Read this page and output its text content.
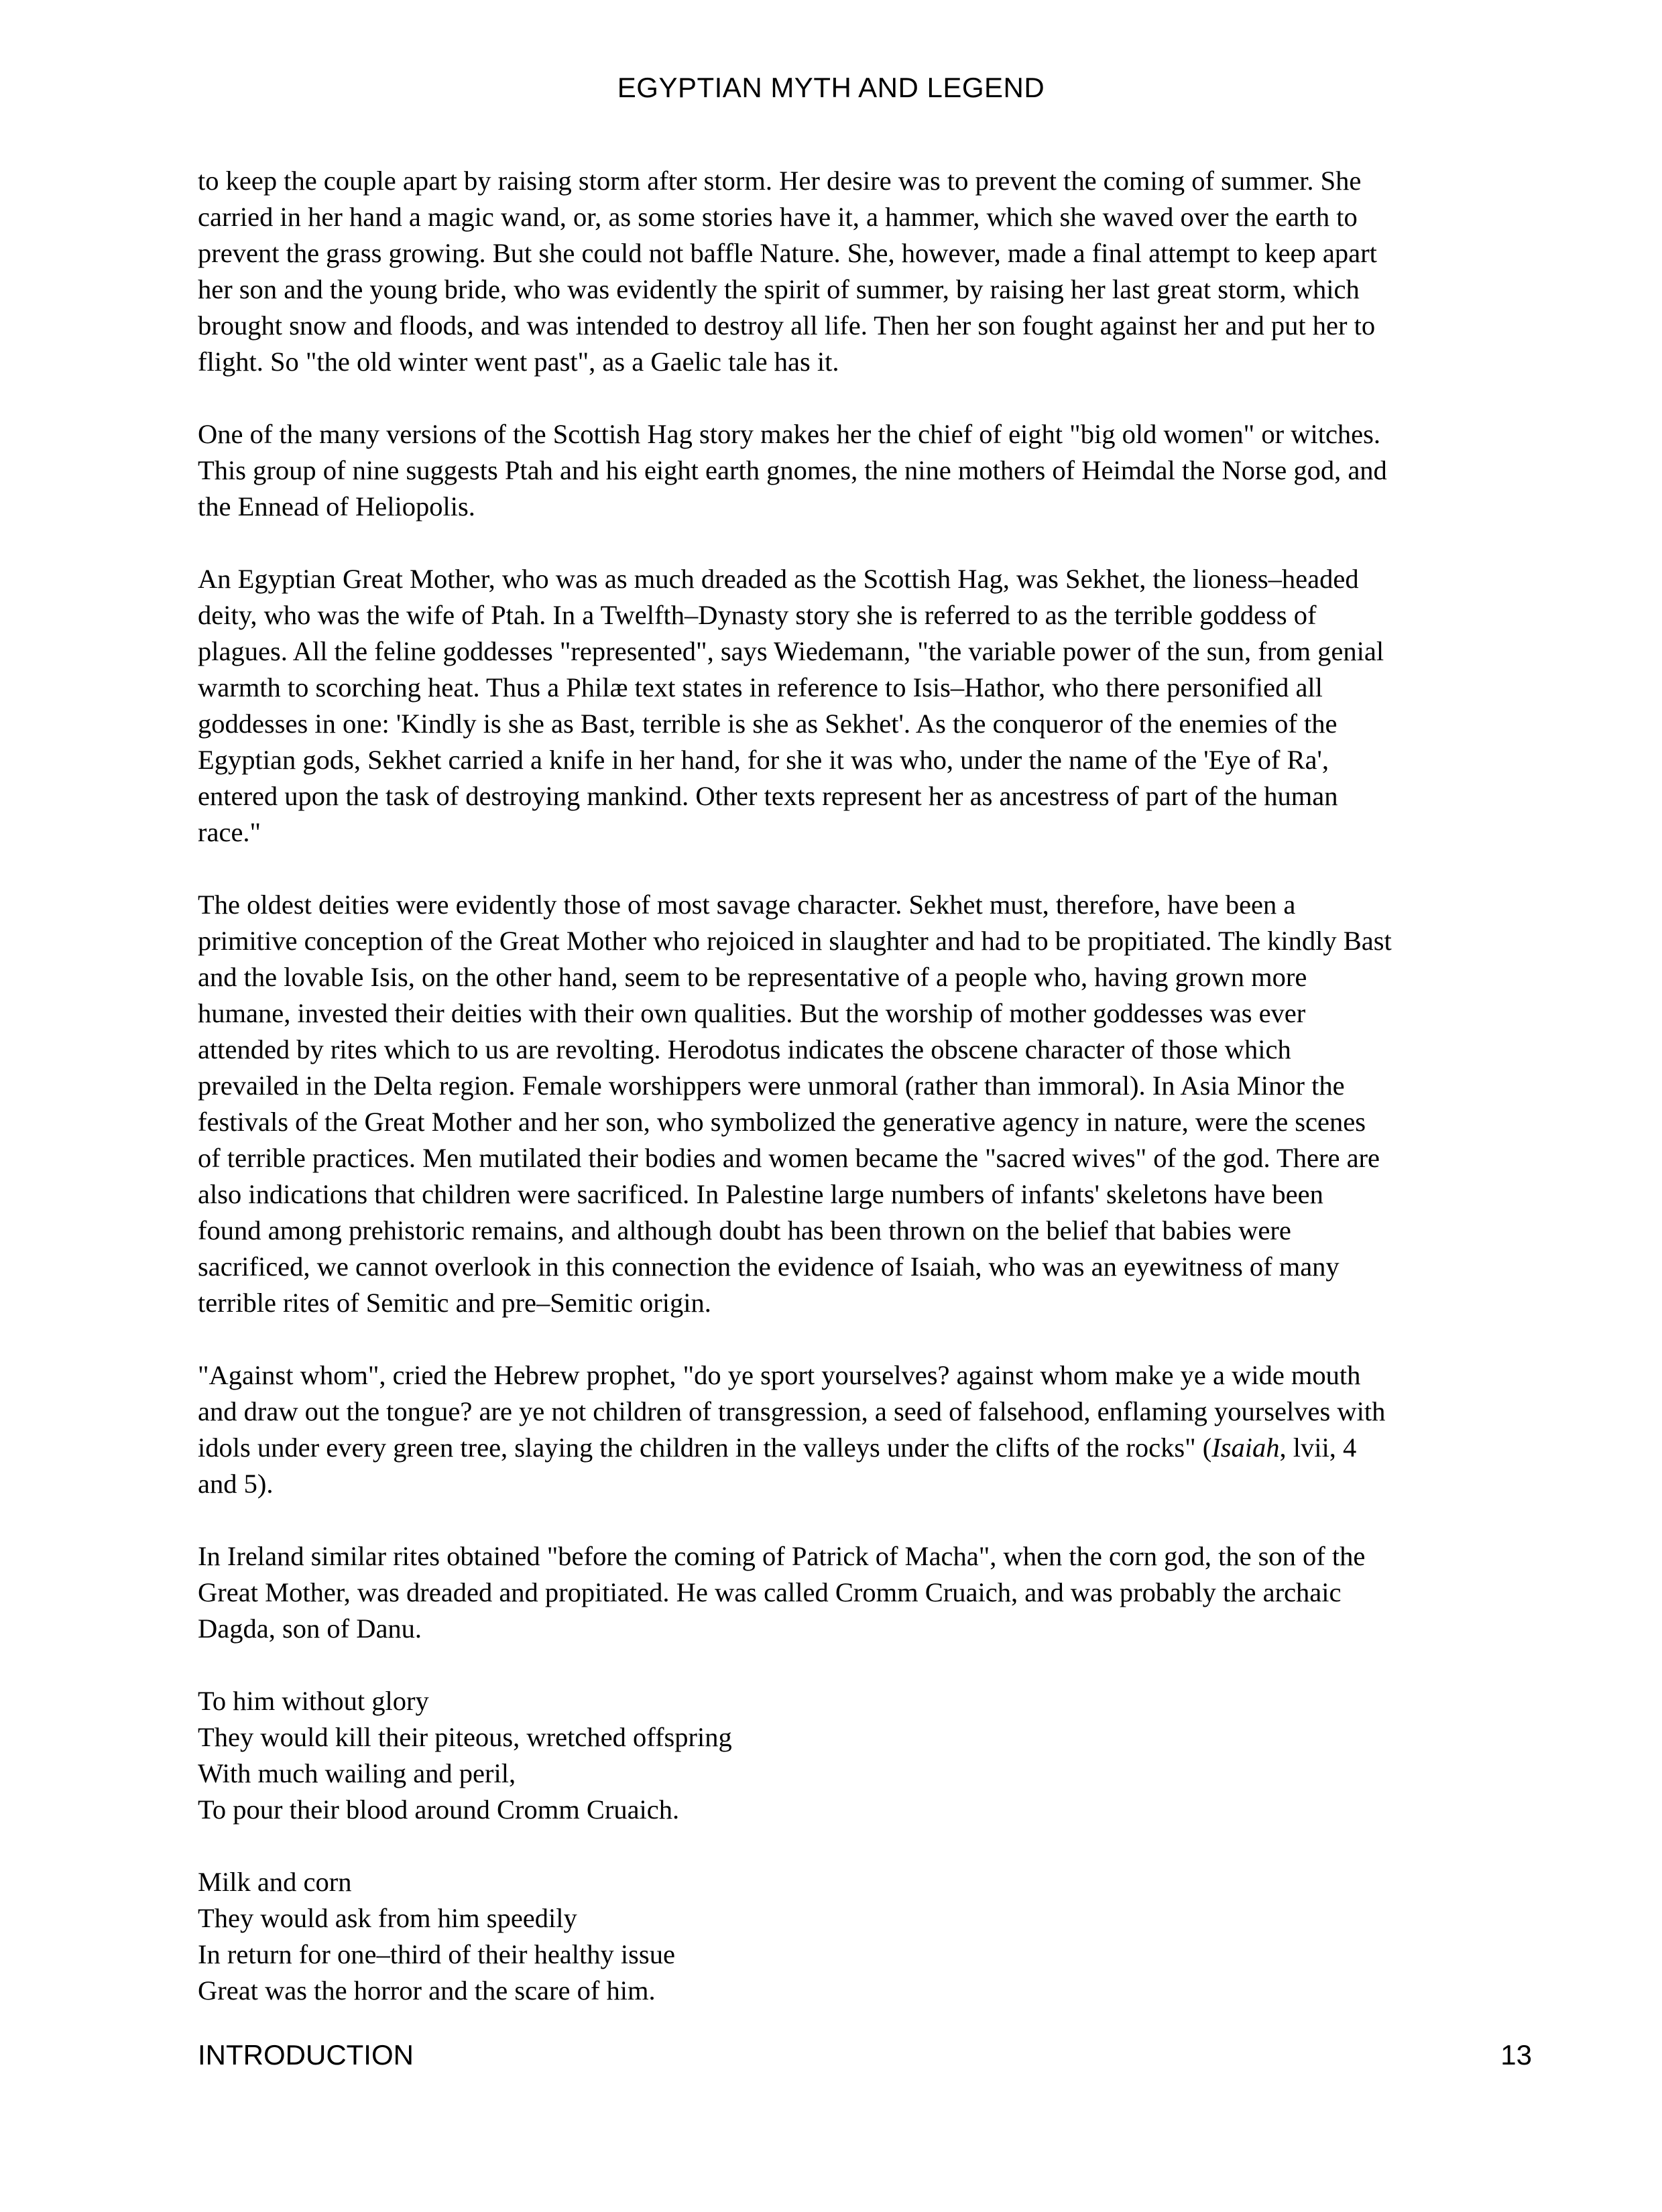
EGYPTIAN MYTH AND LEGEND
to keep the couple apart by raising storm after storm. Her desire was to prevent the coming of summer. She
carried in her hand a magic wand, or, as some stories have it, a hammer, which she waved over the earth to
prevent the grass growing. But she could not baffle Nature. She, however, made a final attempt to keep apart
her son and the young bride, who was evidently the spirit of summer, by raising her last great storm, which
brought snow and floods, and was intended to destroy all life. Then her son fought against her and put her to
flight. So "the old winter went past", as a Gaelic tale has it.
One of the many versions of the Scottish Hag story makes her the chief of eight "big old women" or witches.
This group of nine suggests Ptah and his eight earth gnomes, the nine mothers of Heimdal the Norse god, and
the Ennead of Heliopolis.
An Egyptian Great Mother, who was as much dreaded as the Scottish Hag, was Sekhet, the lioness–headed
deity, who was the wife of Ptah. In a Twelfth–Dynasty story she is referred to as the terrible goddess of
plagues. All the feline goddesses "represented", says Wiedemann, "the variable power of the sun, from genial
warmth to scorching heat. Thus a Philæ text states in reference to Isis–Hathor, who there personified all
goddesses in one: 'Kindly is she as Bast, terrible is she as Sekhet'. As the conqueror of the enemies of the
Egyptian gods, Sekhet carried a knife in her hand, for she it was who, under the name of the 'Eye of Ra',
entered upon the task of destroying mankind. Other texts represent her as ancestress of part of the human
race."
The oldest deities were evidently those of most savage character. Sekhet must, therefore, have been a
primitive conception of the Great Mother who rejoiced in slaughter and had to be propitiated. The kindly Bast
and the lovable Isis, on the other hand, seem to be representative of a people who, having grown more
humane, invested their deities with their own qualities. But the worship of mother goddesses was ever
attended by rites which to us are revolting. Herodotus indicates the obscene character of those which
prevailed in the Delta region. Female worshippers were unmoral (rather than immoral). In Asia Minor the
festivals of the Great Mother and her son, who symbolized the generative agency in nature, were the scenes
of terrible practices. Men mutilated their bodies and women became the "sacred wives" of the god. There are
also indications that children were sacrificed. In Palestine large numbers of infants' skeletons have been
found among prehistoric remains, and although doubt has been thrown on the belief that babies were
sacrificed, we cannot overlook in this connection the evidence of Isaiah, who was an eyewitness of many
terrible rites of Semitic and pre–Semitic origin.
"Against whom", cried the Hebrew prophet, "do ye sport yourselves? against whom make ye a wide mouth
and draw out the tongue? are ye not children of transgression, a seed of falsehood, enflaming yourselves with
idols under every green tree, slaying the children in the valleys under the clifts of the rocks" (Isaiah, lvii, 4
and 5).
In Ireland similar rites obtained "before the coming of Patrick of Macha", when the corn god, the son of the
Great Mother, was dreaded and propitiated. He was called Cromm Cruaich, and was probably the archaic
Dagda, son of Danu.
To him without glory
They would kill their piteous, wretched offspring
With much wailing and peril,
To pour their blood around Cromm Cruaich.
Milk and corn
They would ask from him speedily
In return for one–third of their healthy issue
Great was the horror and the scare of him.
INTRODUCTION	13
